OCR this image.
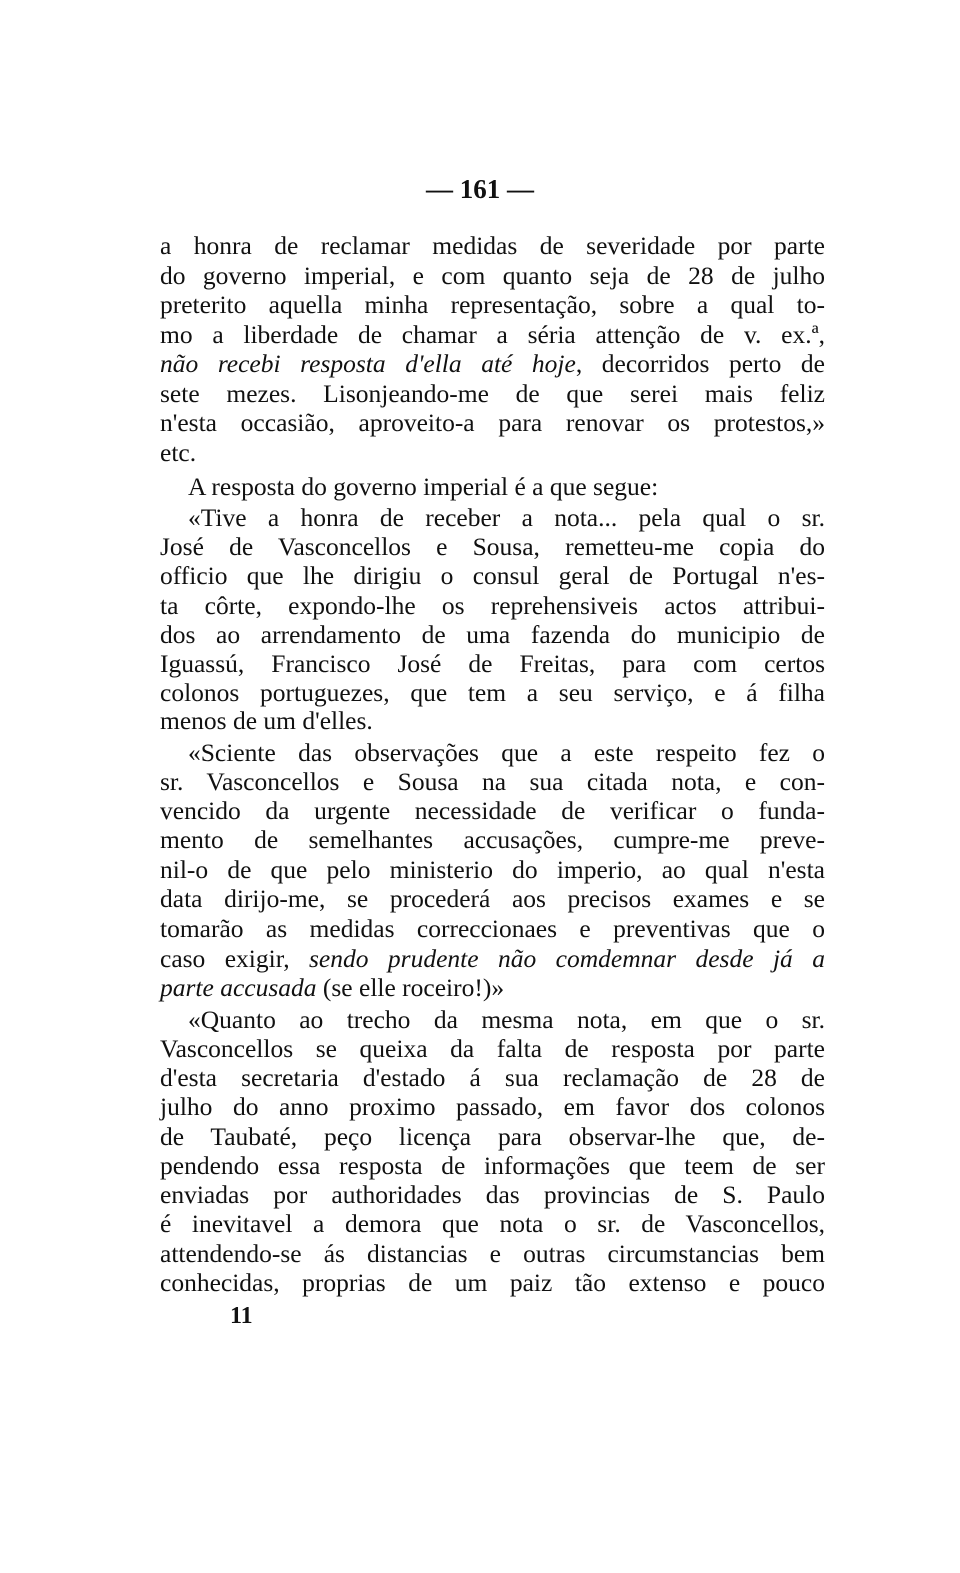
— 161 —
a honra de reclamar medidas de severidade por parte
do governo imperial, e com quanto seja de 28 de julho
preterito aquella minha representação, sobre a qual to-
mo a liberdade de chamar a séria attenção de v. ex.ª,
não recebi resposta d'ella até hoje, decorridos perto de
sete mezes. Lisonjeando-me de que serei mais feliz
n'esta occasião, aproveito-a para renovar os protestos,»
etc.
A resposta do governo imperial é a que segue:
«Tive a honra de receber a nota... pela qual o sr.
José de Vasconcellos e Sousa, remetteu-me copia do
officio que lhe dirigiu o consul geral de Portugal n'es-
ta côrte, expondo-lhe os reprehensiveis actos attribui-
dos ao arrendamento de uma fazenda do municipio de
Iguassú, Francisco José de Freitas, para com certos
colonos portuguezes, que tem a seu serviço, e á filha
menos de um d'elles.
«Sciente das observações que a este respeito fez o
sr. Vasconcellos e Sousa na sua citada nota, e con-
vencido da urgente necessidade de verificar o funda-
mento de semelhantes accusações, cumpre-me preve-
nil-o de que pelo ministerio do imperio, ao qual n'esta
data dirijo-me, se procederá aos precisos exames e se
tomarão as medidas correccionaes e preventivas que o
caso exigir, sendo prudente não comdemnar desde já a
parte accusada (se elle roceiro!)»
«Quanto ao trecho da mesma nota, em que o sr.
Vasconcellos se queixa da falta de resposta por parte
d'esta secretaria d'estado á sua reclamação de 28 de
julho do anno proximo passado, em favor dos colonos
de Taubaté, peço licença para observar-lhe que, de-
pendendo essa resposta de informações que teem de ser
enviadas por authoridades das provincias de S. Paulo
é inevitavel a demora que nota o sr. de Vasconcellos,
attendendo-se ás distancias e outras circumstancias bem
conhecidas, proprias de um paiz tão extenso e pouco
11
